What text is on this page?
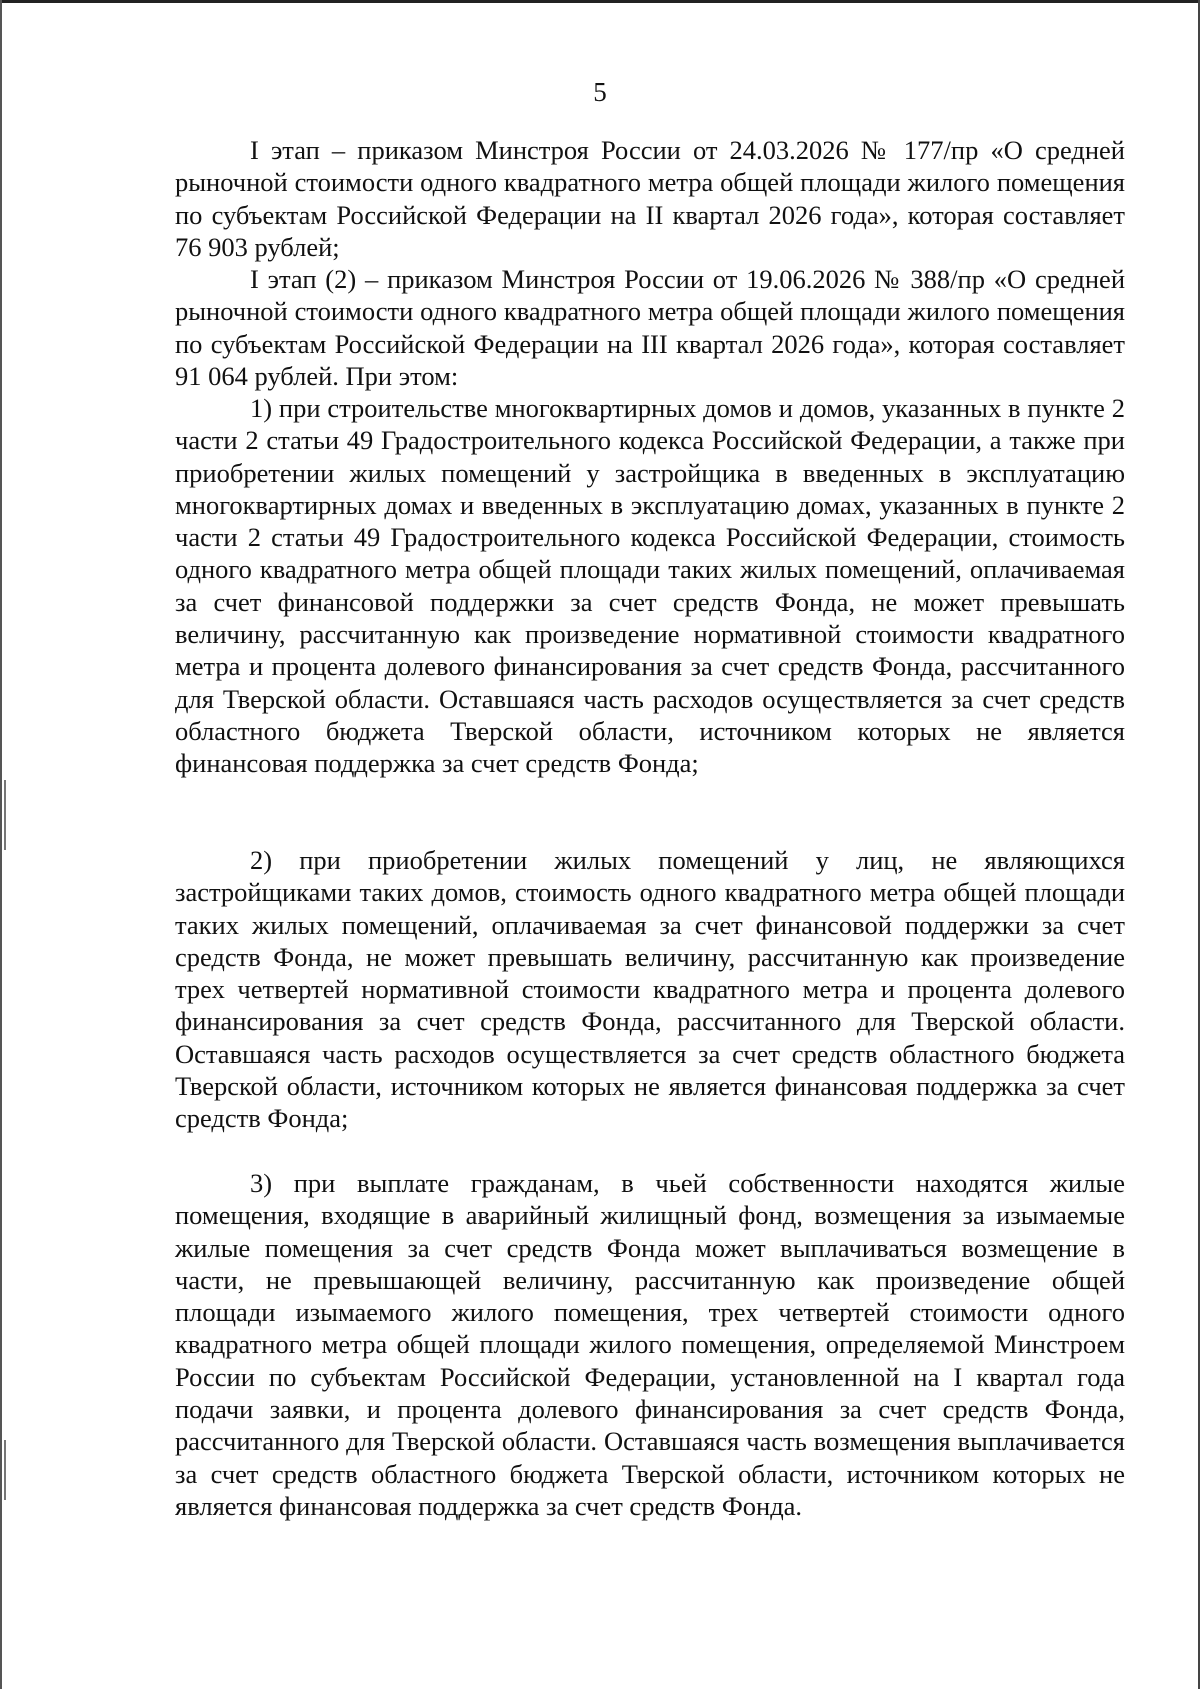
5

I этап – приказом Минстроя России от 24.03.2026 № 177/пр «О средней рыночной стоимости одного квадратного метра общей площади жилого помещения по субъектам Российской Федерации на II квартал 2026 года», которая составляет 76 903 рублей;

I этап (2) – приказом Минстроя России от 19.06.2026 № 388/пр «О средней рыночной стоимости одного квадратного метра общей площади жилого помещения по субъектам Российской Федерации на III квартал 2026 года», которая составляет 91 064 рублей. При этом:

1) при строительстве многоквартирных домов и домов, указанных в пункте 2 части 2 статьи 49 Градостроительного кодекса Российской Федерации, а также при приобретении жилых помещений у застройщика в введенных в эксплуатацию многоквартирных домах и введенных в эксплуатацию домах, указанных в пункте 2 части 2 статьи 49 Градостроительного кодекса Российской Федерации, стоимость одного квадратного метра общей площади таких жилых помещений, оплачиваемая за счет финансовой поддержки за счет средств Фонда, не может превышать величину, рассчитанную как произведение нормативной стоимости квадратного метра и процента долевого финансирования за счет средств Фонда, рассчитанного для Тверской области. Оставшаяся часть расходов осуществляется за счет средств областного бюджета Тверской области, источником которых не является финансовая поддержка за счет средств Фонда;

2) при приобретении жилых помещений у лиц, не являющихся застройщиками таких домов, стоимость одного квадратного метра общей площади таких жилых помещений, оплачиваемая за счет финансовой поддержки за счет средств Фонда, не может превышать величину, рассчитанную как произведение трех четвертей нормативной стоимости квадратного метра и процента долевого финансирования за счет средств Фонда, рассчитанного для Тверской области. Оставшаяся часть расходов осуществляется за счет средств областного бюджета Тверской области, источником которых не является финансовая поддержка за счет средств Фонда;

3) при выплате гражданам, в чьей собственности находятся жилые помещения, входящие в аварийный жилищный фонд, возмещения за изымаемые жилые помещения за счет средств Фонда может выплачиваться возмещение в части, не превышающей величину, рассчитанную как произведение общей площади изымаемого жилого помещения, трех четвертей стоимости одного квадратного метра общей площади жилого помещения, определяемой Минстроем России по субъектам Российской Федерации, установленной на I квартал года подачи заявки, и процента долевого финансирования за счет средств Фонда, рассчитанного для Тверской области. Оставшаяся часть возмещения выплачивается за счет средств областного бюджета Тверской области, источником которых не является финансовая поддержка за счет средств Фонда.
